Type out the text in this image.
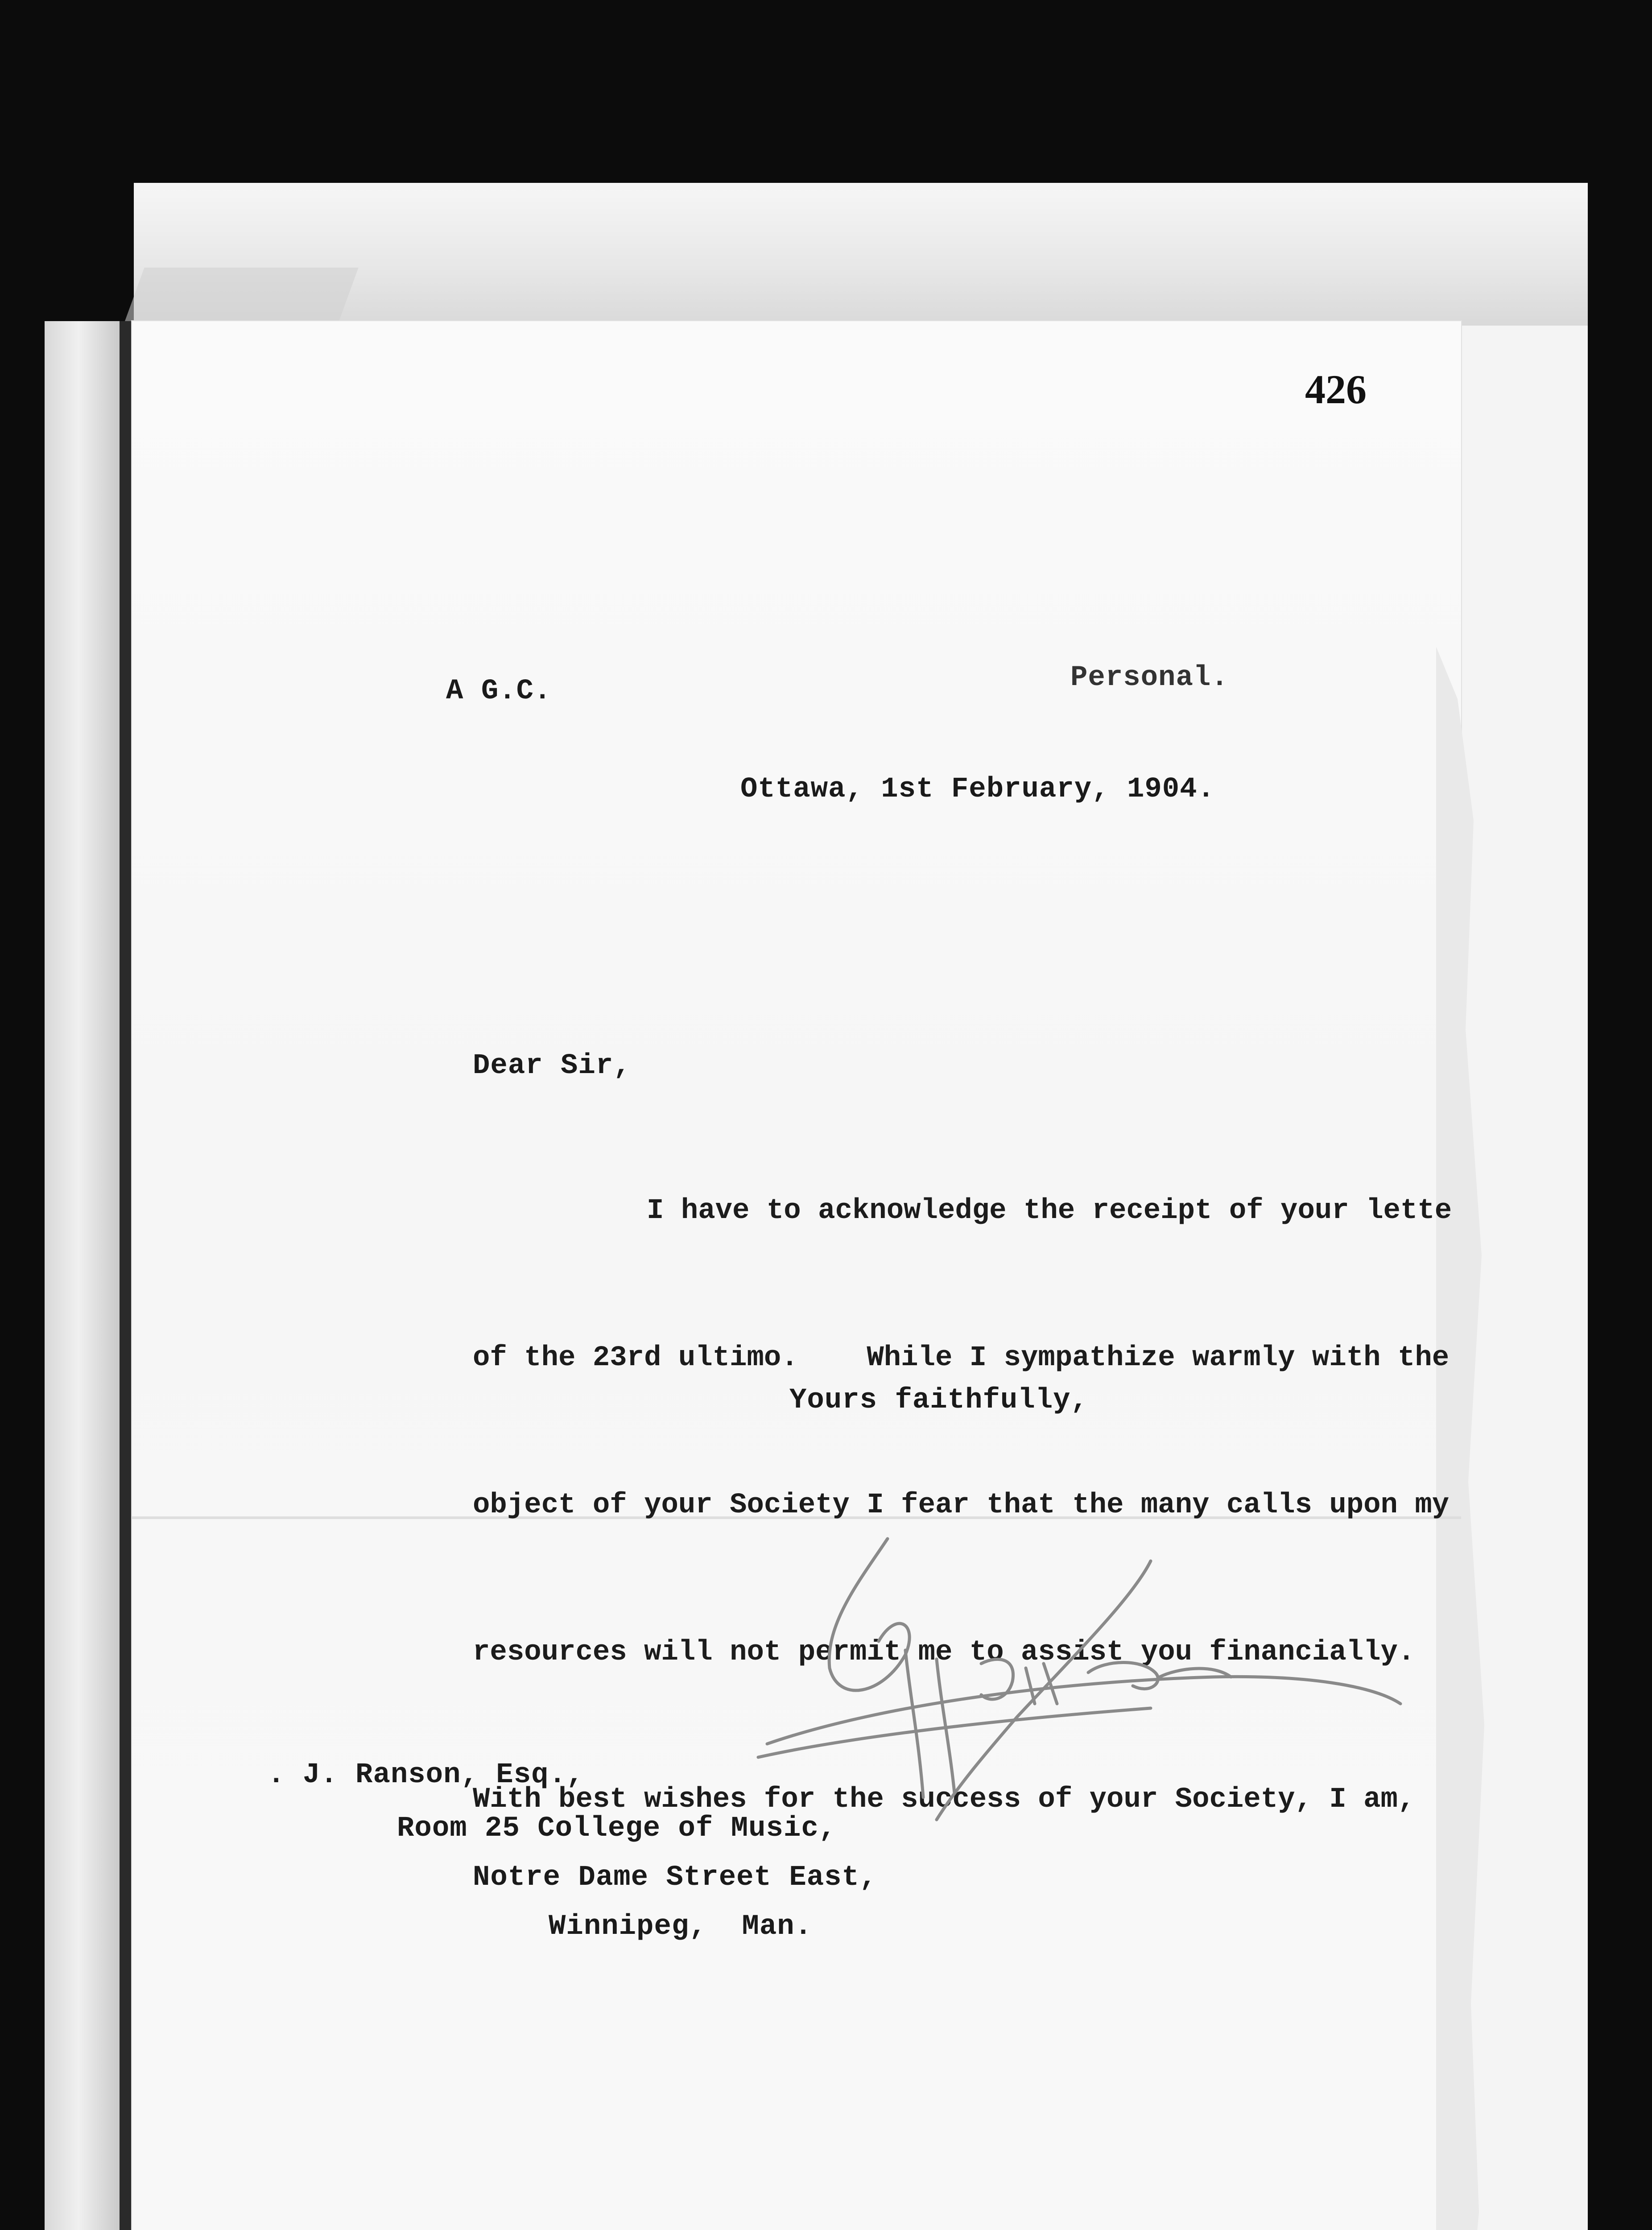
426
A G.C.	Personal.
Ottawa, 1st February, 1904.
Dear Sir,

I have to acknowledge the receipt of your lette

of the 23rd ultimo.    While I sympathize warmly with the

object of your Society I fear that the many calls upon my

resources will not permit me to assist you financially.

With best wishes for the success of your Society, I am,

Yours faithfully,
. J. Ranson, Esq.,
Room 25 College of Music,
Notre Dame Street East,
Winnipeg,  Man.
